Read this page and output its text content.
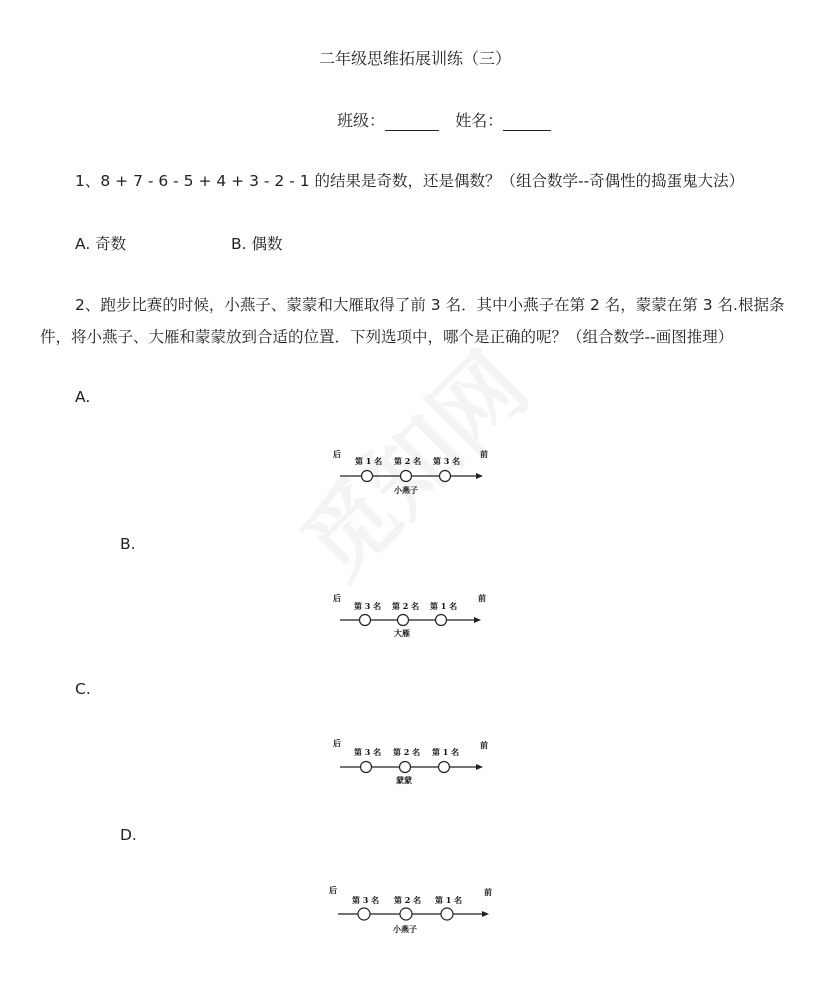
二年级思维拓展训练（三）
班级：	姓名：
1、8 + 7 - 6 - 5 + 4 + 3 - 2 - 1 的结果是奇数，还是偶数？（组合数学--奇偶性的捣蛋鬼大法）
A. 奇数	B. 偶数
2、跑步比赛的时候，小燕子、蒙蒙和大雁取得了前 3 名．其中小燕子在第 2 名，蒙蒙在第 3 名.根据条
件，将小燕子、大雁和蒙蒙放到合适的位置．下列选项中，哪个是正确的呢？（组合数学--画图推理）
A.
后	前
第 1 名 第 2 名 第 3 名
小燕子
B.
后	前
第 3 名 第 2 名 第 1 名
大雁
C.
后	前
第 3 名 第 2 名 第 1 名
蒙蒙
D.
后	前
第 3 名 第 2 名 第 1 名
小燕子
